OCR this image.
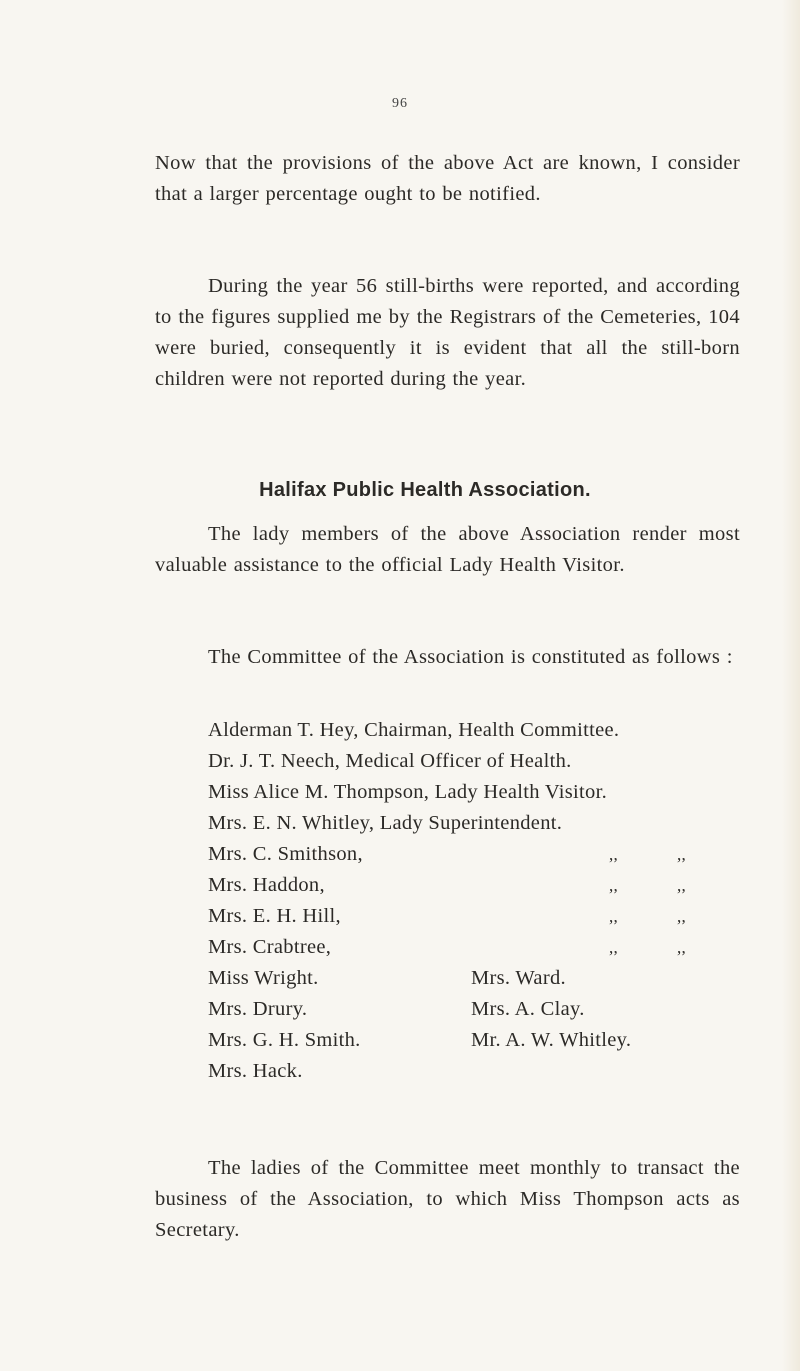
96

Now that the provisions of the above Act are known, I consider that a larger percentage ought to be notified.

During the year 56 still-births were reported, and according to the figures supplied me by the Registrars of the Cemeteries, 104 were buried, consequently it is evident that all the still-born children were not reported during the year.

Halifax Public Health Association.

The lady members of the above Association render most valuable assistance to the official Lady Health Visitor.

The Committee of the Association is constituted as follows :

Alderman T. Hey, Chairman, Health Committee.
Dr. J. T. Neech, Medical Officer of Health.
Miss Alice M. Thompson, Lady Health Visitor.
Mrs. E. N. Whitley, Lady Superintendent.
Mrs. C. Smithson,	,,	,,
Mrs. Haddon,	,,	,,
Mrs. E. H. Hill,	,,	,,
Mrs. Crabtree,	,,	,,
Miss Wright.	Mrs. Ward.
Mrs. Drury.	Mrs. A. Clay.
Mrs. G. H. Smith.	Mr. A. W. Whitley.
Mrs. Hack.

The ladies of the Committee meet monthly to transact the business of the Association, to which Miss Thompson acts as Secretary.
